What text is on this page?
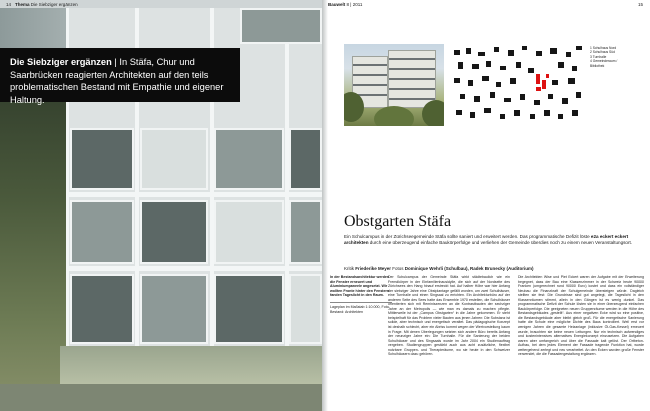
14 Thema Die Siebziger ergänzen

Die Siebziger ergänzen | In Stäfa, Chur und Saarbrücken reagierten Architekten auf den teils problematischen Bestand mit Empathie und eigener Haltung.

Bauwelt 8 | 2011	15
1 Schulhaus Nord
2 Schulhaus Süd
3 Turnhalle
4 Gemeinderaum /
Bibliothek
Obstgarten Stäfa

Ein Schulcampus in der Zürichseegemeinde Stäfa sollte saniert und erweitert werden. Das programmatische Defizit löste e2a eckert eckert architekten durch eine überzeugend einfache Baukörperfolge und verliehen der Gemeinde überdies noch zu einem neuen Veranstaltungsort.

Kritik Friederike Meyer Fotos Dominique Wehrli (Schulbau), Radek Brunecky (Auditorium)

Der Schulcampus der Gemeinde Stäfa wirkt städtebaulich wie ein Fremdkörper in der Einfamilienhausidylle, die sich auf der Nordseite des Zürichsees den Hang hinauf erstreckt hat. Auf halber Höhe war hier Anfang der siebziger Jahre eine Obstplantage gefällt worden, um zwei Schulhäuser, eine Turnhalle und einen Singsaal zu errichten. Ein Architekturbüro auf der anderen Seite des Sees hatte das Ensemble 1970 erstellen, die Schulhäuser orientierten sich mit Reminiszenzen an die Kontrastbauten der sechziger Jahre an der Metropolis — wie man es damals zu machen pflegte. Mittlerweile ist der „Campus Obstgarten“ in die Jahre gekommen. Er steht beispielhaft für das Problem vieler Bauten aus jenen Jahren: Die Substanz ist solide, aber technisch und energetisch veraltet. Das pädagogische Konzept ist deshalb schlecht, aber ein Abriss kommt wegen der Wertvorstellung kaum in Frage. Mit denen Überlegungen setzten sich andere Büro bereits Anfang der neunziger Jahre ein: Die Turnhalle. Für die Sanierung der beiden Schulhäuser und des Singsaals wurde im Jahr 2004 ein Studienauftrag vergeben. Studiengruppen gestärkt auch aus acht zusätzliche, flexibel nutzbare Gruppen- und Therapieräume, wo sie heute in den Schweizer Schulhäusern dazu gehören.

Die Architekten Wise und Piet Eckert waren der Aufgabe mit der Erweiterung begegnet, dass der Bau eine Klassenzimmer in der Schweiz heute 90000 Franken (umgerechnet rund 90000 Euro) kostet und dass ein vollständiger Neubau die Finanzkraft der Schulgemeinde übersteigen würde. Dagleich stellten sie fest: Die Grundrisse sind gut angelegt, die Tageslicht in den Klassenräumen stimmt, allein in den Gängen ist es wenig dunkel. Das programmatische Defizit der Schule lösten sie in einer überzeugend einfachen Baukörperfolge. Die geeigneten neuen Gruppenräume werden in die Höhe des Bestandsgebäudes „gestellt“. Aus einer negativen Ecke wird so eine positive, die Bestandsgebäude aber bleibt gleich groß. Für die energetische Sanierung hatte die Schule eine mögliche Dichte des Baus kontrolliert. Weil erst vor wenigen Jahren die gesamte Heizanlage (inklusive Öl-Gas-Kessel) erneuert wurde, brauchten sie keine neuen Leitungen. Nur ein technisch aufwendiges und kostenintensives alternatives Energiekonzept einzusetzen. Die Aufgaben waren aber umfangreich und über die Fassade kalt gelöst. Der Ortbeton-Aufbau, bei dem jedes Element der Fassade tragende Funktion hat, wurde weitergehend zerlegt und neu verarbeitet. An den Ecken wurden große Fenster verwendet, die die Fassadengestaltung ergänzen.

In der Bestandsarchitektur werden die Fenster erneuert und Aluminiumpaneele angesetzt. Wir wollten Fronte hinter den Fenstern fanden Tageslicht in den Raum.
Lageplan im Maßstab 1:10.000, Foto Bestand: Architekten
